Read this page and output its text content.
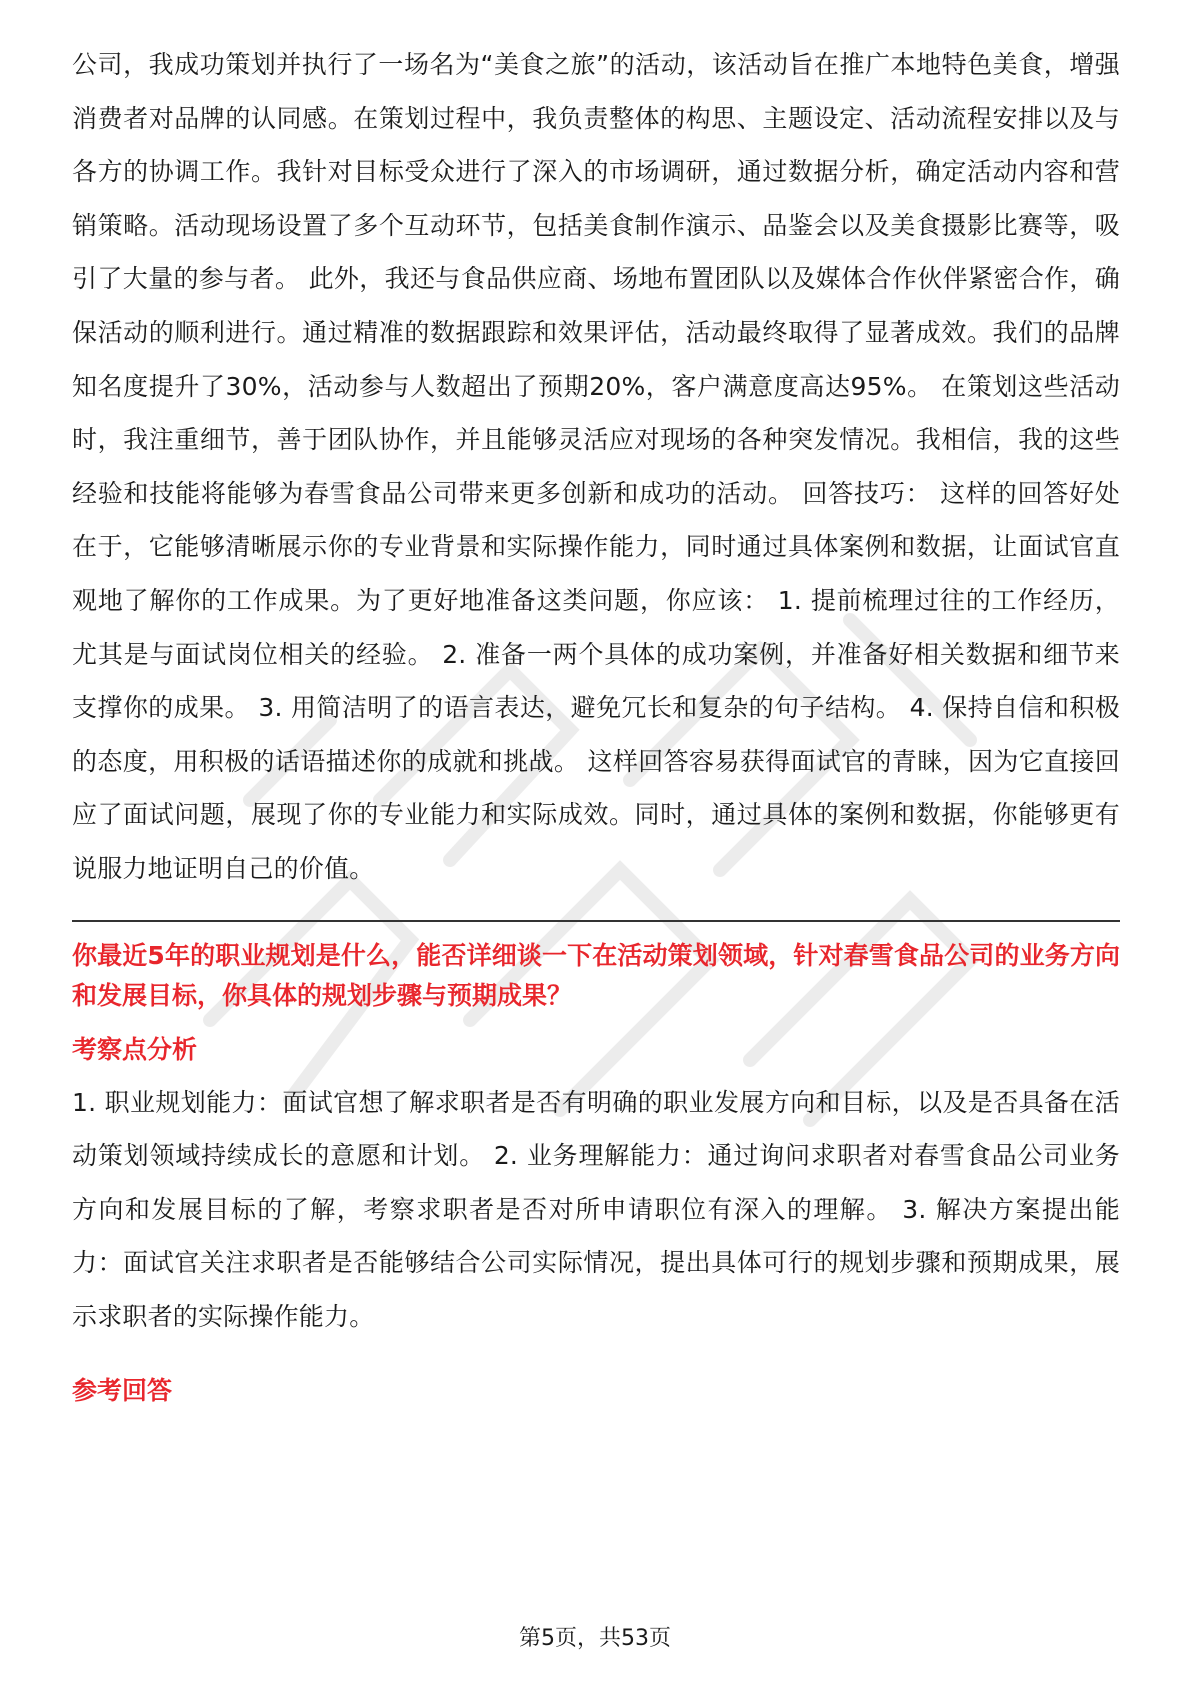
公司，我成功策划并执行了一场名为“美食之旅”的活动，该活动旨在推广本地特色美食，增强消费者对品牌的认同感。在策划过程中，我负责整体的构思、主题设定、活动流程安排以及与各方的协调工作。我针对目标受众进行了深入的市场调研，通过数据分析，确定活动内容和营销策略。活动现场设置了多个互动环节，包括美食制作演示、品鉴会以及美食摄影比赛等，吸引了大量的参与者。 此外，我还与食品供应商、场地布置团队以及媒体合作伙伴紧密合作，确保活动的顺利进行。通过精准的数据跟踪和效果评估，活动最终取得了显著成效。我们的品牌知名度提升了30%，活动参与人数超出了预期20%，客户满意度高达95%。 在策划这些活动时，我注重细节，善于团队协作，并且能够灵活应对现场的各种突发情况。我相信，我的这些经验和技能将能够为春雪食品公司带来更多创新和成功的活动。 回答技巧： 这样的回答好处在于，它能够清晰展示你的专业背景和实际操作能力，同时通过具体案例和数据，让面试官直观地了解你的工作成果。为了更好地准备这类问题，你应该： 1. 提前梳理过往的工作经历，尤其是与面试岗位相关的经验。 2. 准备一两个具体的成功案例，并准备好相关数据和细节来支撑你的成果。 3. 用简洁明了的语言表达，避免冗长和复杂的句子结构。 4. 保持自信和积极的态度，用积极的话语描述你的成就和挑战。 这样回答容易获得面试官的青睐，因为它直接回应了面试问题，展现了你的专业能力和实际成效。同时，通过具体的案例和数据，你能够更有说服力地证明自己的价值。

你最近5年的职业规划是什么，能否详细谈一下在活动策划领域，针对春雪食品公司的业务方向和发展目标，你具体的规划步骤与预期成果？

考察点分析

1. 职业规划能力：面试官想了解求职者是否有明确的职业发展方向和目标，以及是否具备在活动策划领域持续成长的意愿和计划。 2. 业务理解能力：通过询问求职者对春雪食品公司业务方向和发展目标的了解，考察求职者是否对所申请职位有深入的理解。 3. 解决方案提出能力：面试官关注求职者是否能够结合公司实际情况，提出具体可行的规划步骤和预期成果，展示求职者的实际操作能力。

参考回答
第5页，共53页
